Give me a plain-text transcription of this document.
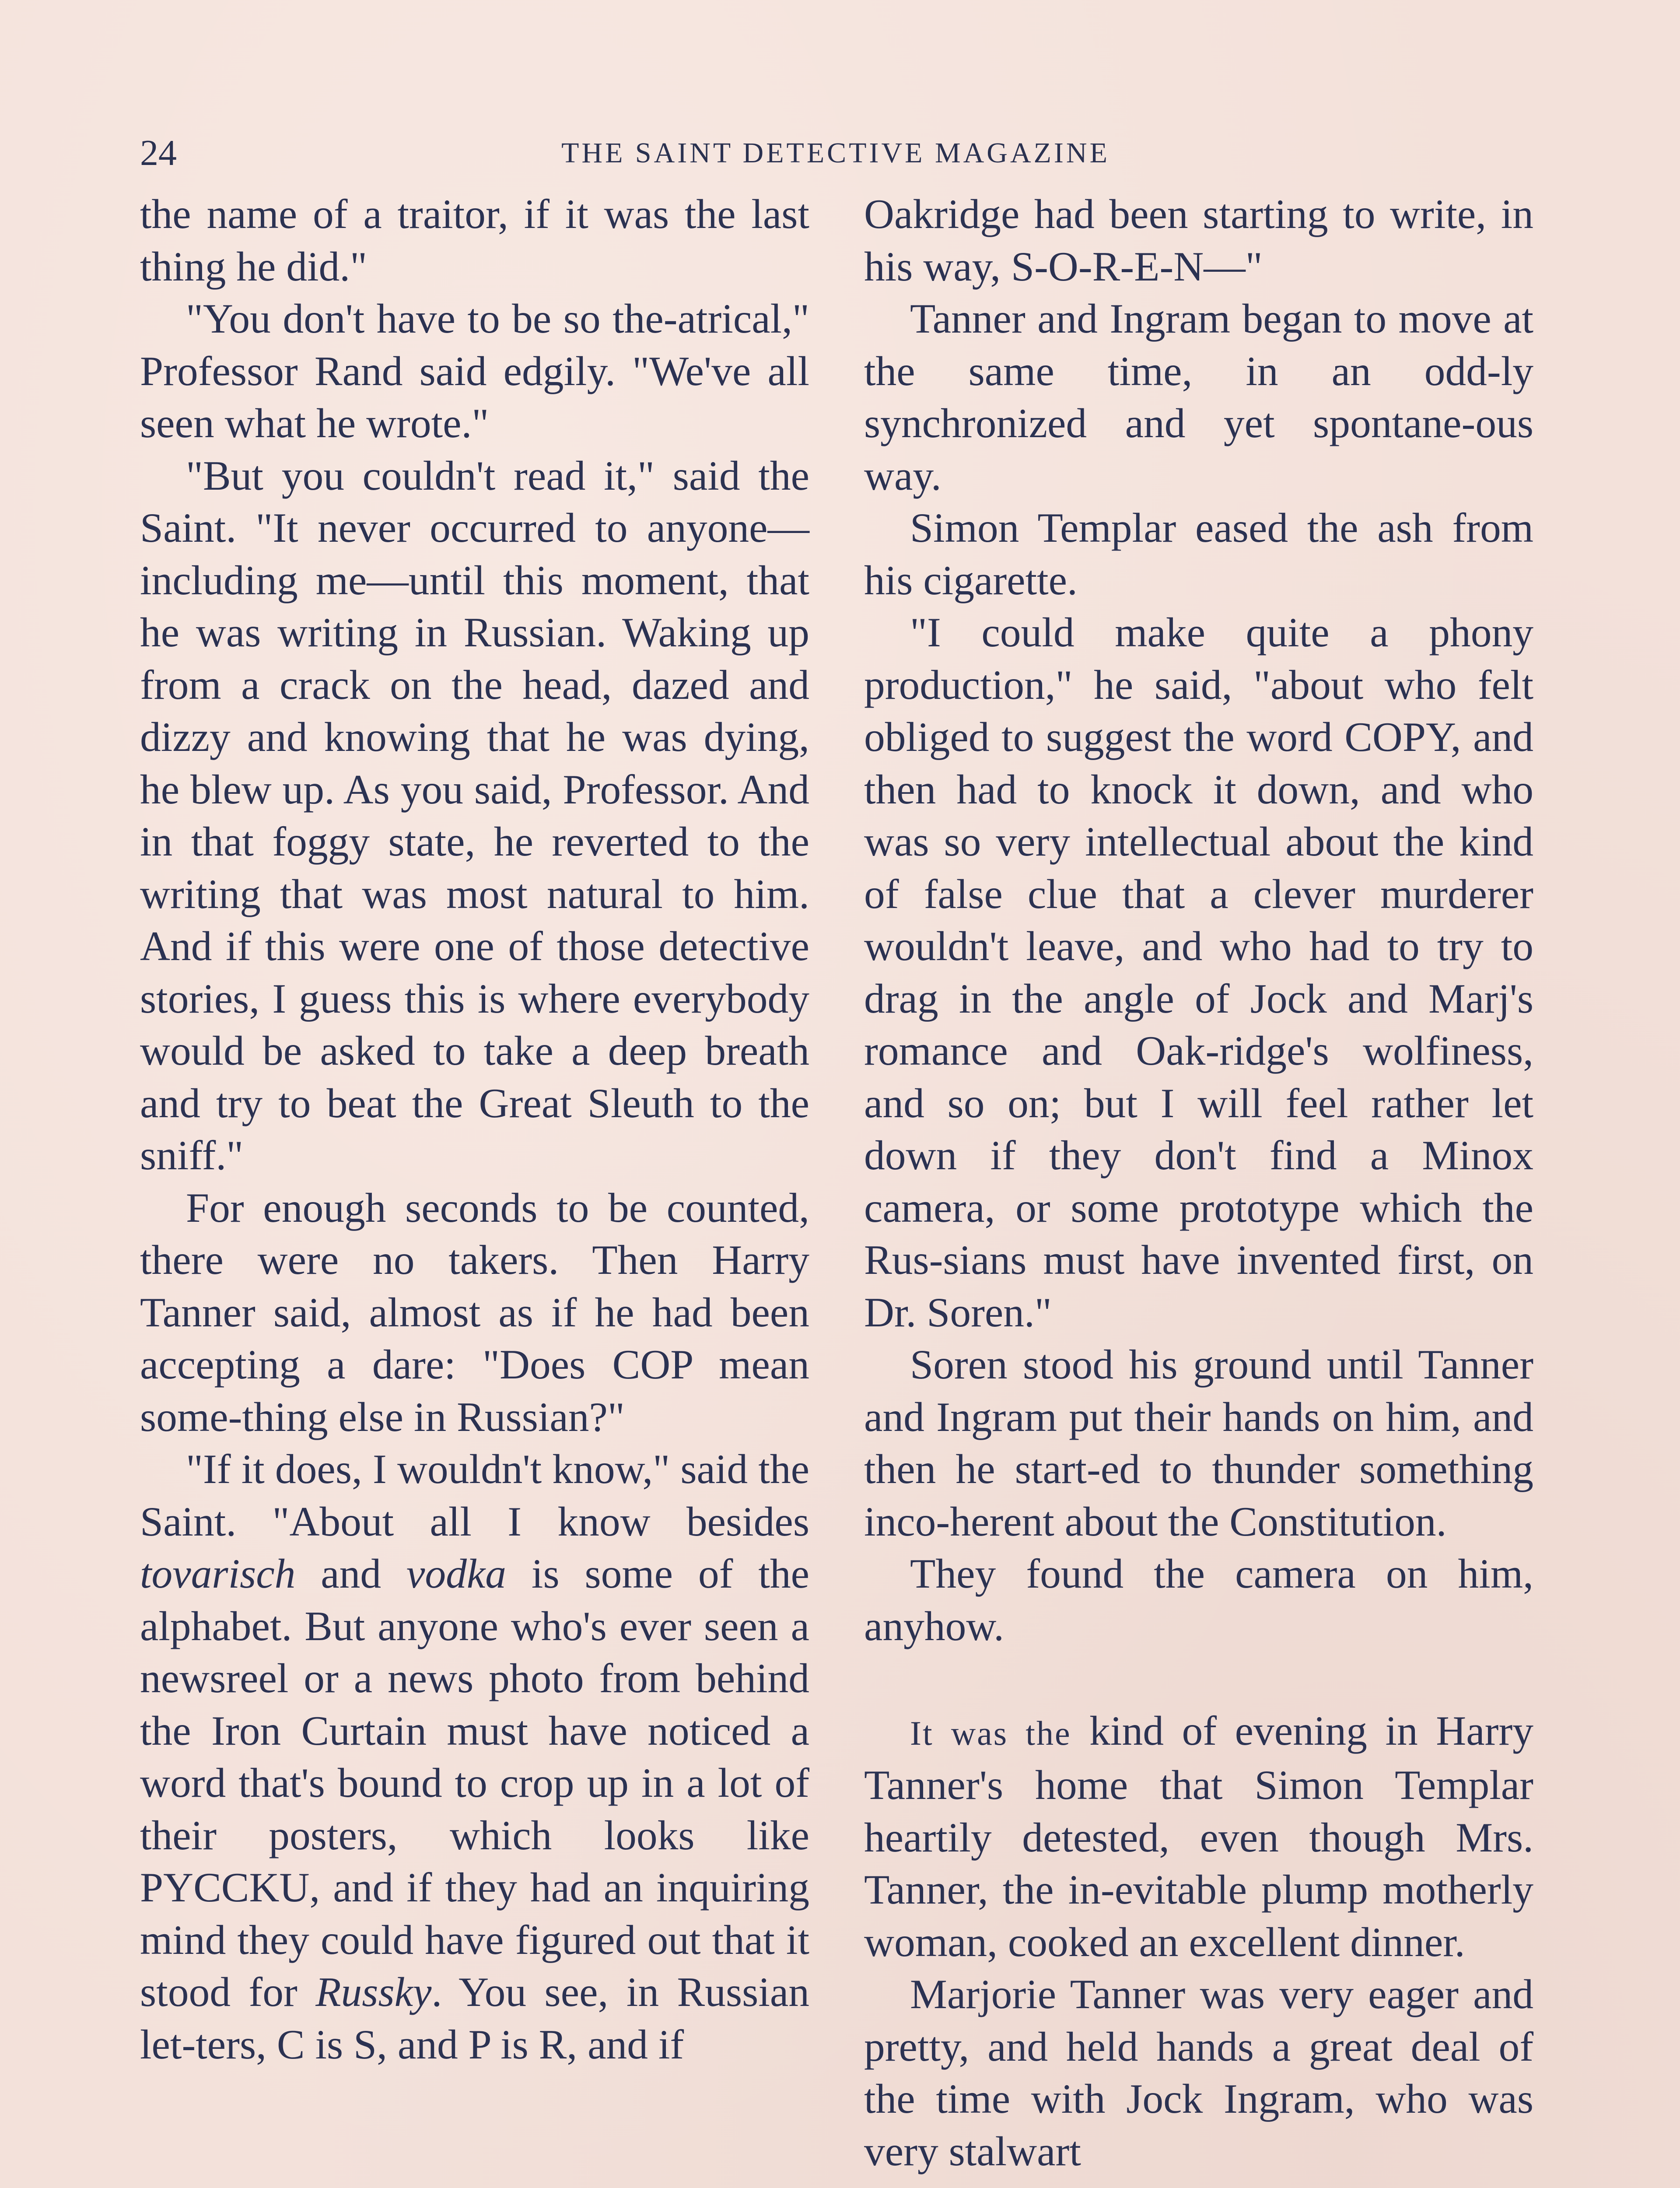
24	THE SAINT DETECTIVE MAGAZINE

the name of a traitor, if it was the last thing he did."

"You don't have to be so the-atrical," Professor Rand said edgily. "We've all seen what he wrote."

"But you couldn't read it," said the Saint. "It never occurred to anyone—including me—until this moment, that he was writing in Russian. Waking up from a crack on the head, dazed and dizzy and knowing that he was dying, he blew up. As you said, Professor. And in that foggy state, he reverted to the writing that was most natural to him. And if this were one of those detective stories, I guess this is where everybody would be asked to take a deep breath and try to beat the Great Sleuth to the sniff."

For enough seconds to be counted, there were no takers. Then Harry Tanner said, almost as if he had been accepting a dare: "Does COP mean some-thing else in Russian?"

"If it does, I wouldn't know," said the Saint. "About all I know besides tovarisch and vodka is some of the alphabet. But anyone who's ever seen a newsreel or a news photo from behind the Iron Curtain must have noticed a word that's bound to crop up in a lot of their posters, which looks like PYCCKU, and if they had an inquiring mind they could have figured out that it stood for Russky. You see, in Russian let-ters, C is S, and P is R, and if

Oakridge had been starting to write, in his way, S-O-R-E-N—"

Tanner and Ingram began to move at the same time, in an odd-ly synchronized and yet spontane-ous way.

Simon Templar eased the ash from his cigarette.

"I could make quite a phony production," he said, "about who felt obliged to suggest the word COPY, and then had to knock it down, and who was so very intellectual about the kind of false clue that a clever murderer wouldn't leave, and who had to try to drag in the angle of Jock and Marj's romance and Oak-ridge's wolfiness, and so on; but I will feel rather let down if they don't find a Minox camera, or some prototype which the Rus-sians must have invented first, on Dr. Soren."

Soren stood his ground until Tanner and Ingram put their hands on him, and then he start-ed to thunder something inco-herent about the Constitution.

They found the camera on him, anyhow.

It was the kind of evening in Harry Tanner's home that Simon Templar heartily detested, even though Mrs. Tanner, the in-evitable plump motherly woman, cooked an excellent dinner.

Marjorie Tanner was very eager and pretty, and held hands a great deal of the time with Jock Ingram, who was very stalwart
